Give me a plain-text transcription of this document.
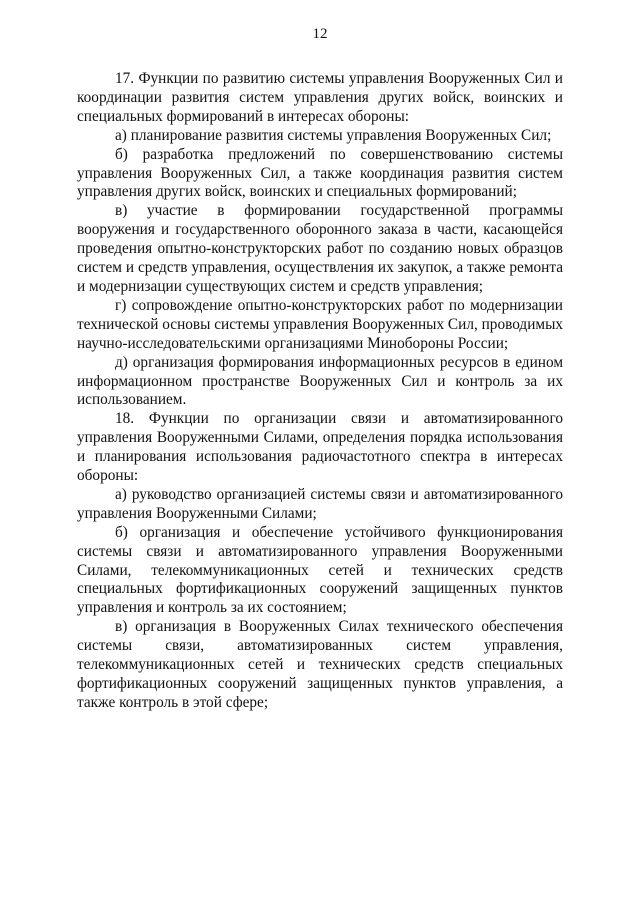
12

17. Функции по развитию системы управления Вооруженных Сил и координации развития систем управления других войск, воинских и специальных формирований в интересах обороны:

а) планирование развития системы управления Вооруженных Сил;

б) разработка предложений по совершенствованию системы управления Вооруженных Сил, а также координация развития систем управления других войск, воинских и специальных формирований;

в) участие в формировании государственной программы вооружения и государственного оборонного заказа в части, касающейся проведения опытно-конструкторских работ по созданию новых образцов систем и средств управления, осуществления их закупок, а также ремонта и модернизации существующих систем и средств управления;

г) сопровождение опытно-конструкторских работ по модернизации технической основы системы управления Вооруженных Сил, проводимых научно-исследовательскими организациями Минобороны России;

д) организация формирования информационных ресурсов в едином информационном пространстве Вооруженных Сил и контроль за их использованием.

18. Функции по организации связи и автоматизированного управления Вооруженными Силами, определения порядка использования и планирования использования радиочастотного спектра в интересах обороны:

а) руководство организацией системы связи и автоматизированного управления Вооруженными Силами;

б) организация и обеспечение устойчивого функционирования системы связи и автоматизированного управления Вооруженными Силами, телекоммуникационных сетей и технических средств специальных фортификационных сооружений защищенных пунктов управления и контроль за их состоянием;

в) организация в Вооруженных Силах технического обеспечения системы связи, автоматизированных систем управления, телекоммуникационных сетей и технических средств специальных фортификационных сооружений защищенных пунктов управления, а также контроль в этой сфере;
